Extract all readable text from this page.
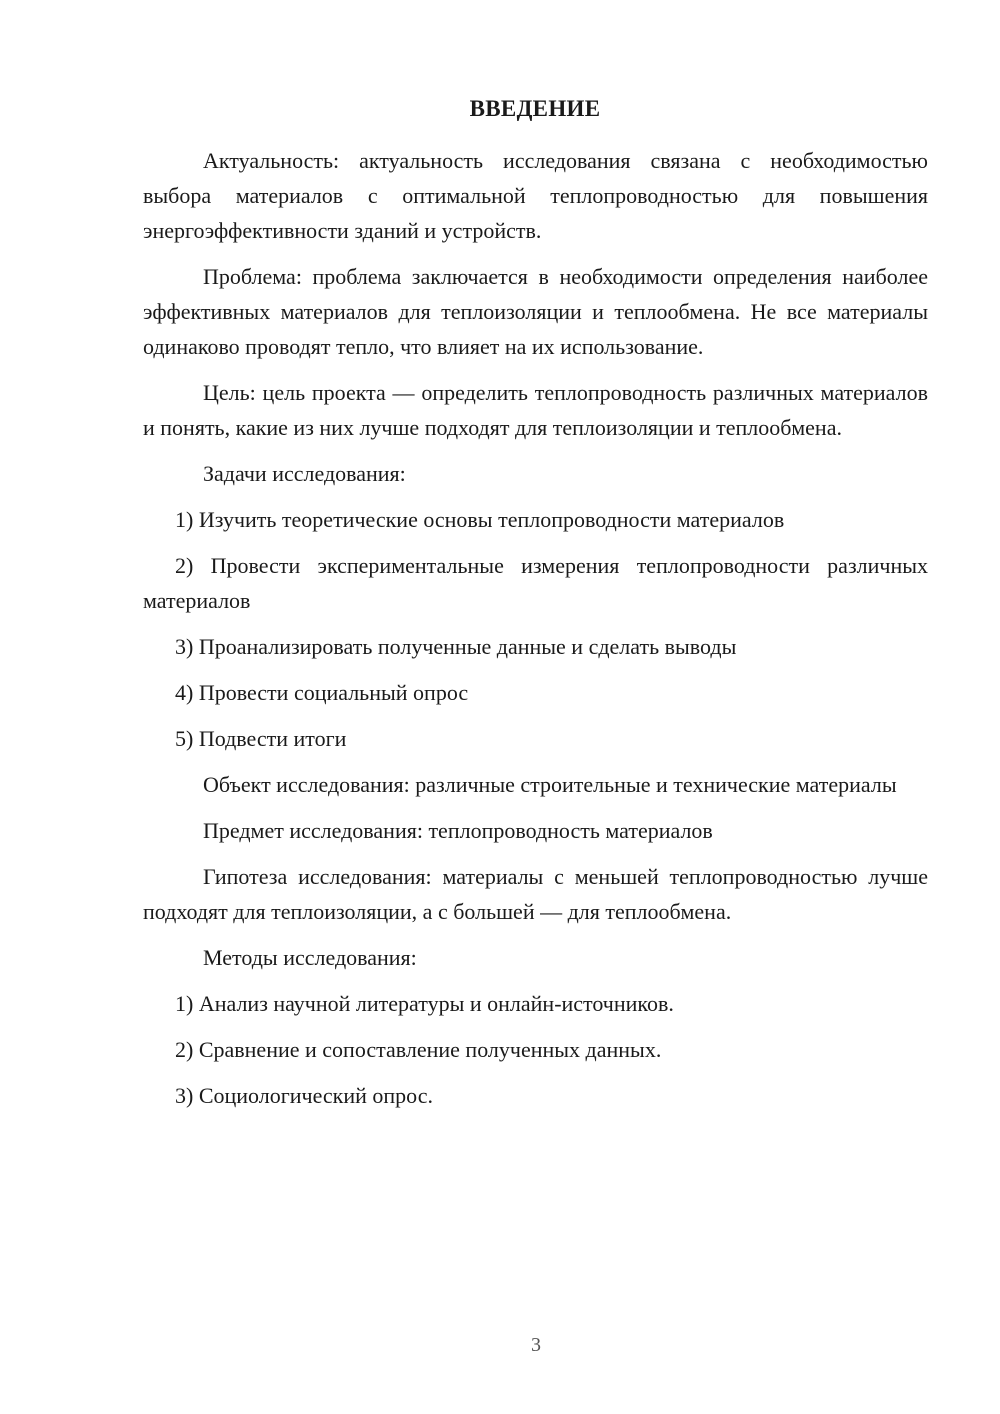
ВВЕДЕНИЕ
Актуальность: актуальность исследования связана с необходимостью выбора материалов с оптимальной теплопроводностью для повышения энергоэффективности зданий и устройств.
Проблема: проблема заключается в необходимости определения наиболее эффективных материалов для теплоизоляции и теплообмена. Не все материалы одинаково проводят тепло, что влияет на их использование.
Цель: цель проекта — определить теплопроводность различных материалов и понять, какие из них лучше подходят для теплоизоляции и теплообмена.
Задачи исследования:
1) Изучить теоретические основы теплопроводности материалов
2) Провести экспериментальные измерения теплопроводности различных материалов
3) Проанализировать полученные данные и сделать выводы
4) Провести социальный опрос
5) Подвести итоги
Объект исследования: различные строительные и технические материалы
Предмет исследования: теплопроводность материалов
Гипотеза исследования: материалы с меньшей теплопроводностью лучше подходят для теплоизоляции, а с большей — для теплообмена.
Методы исследования:
1) Анализ научной литературы и онлайн-источников.
2) Сравнение и сопоставление полученных данных.
3) Социологический опрос.
3
